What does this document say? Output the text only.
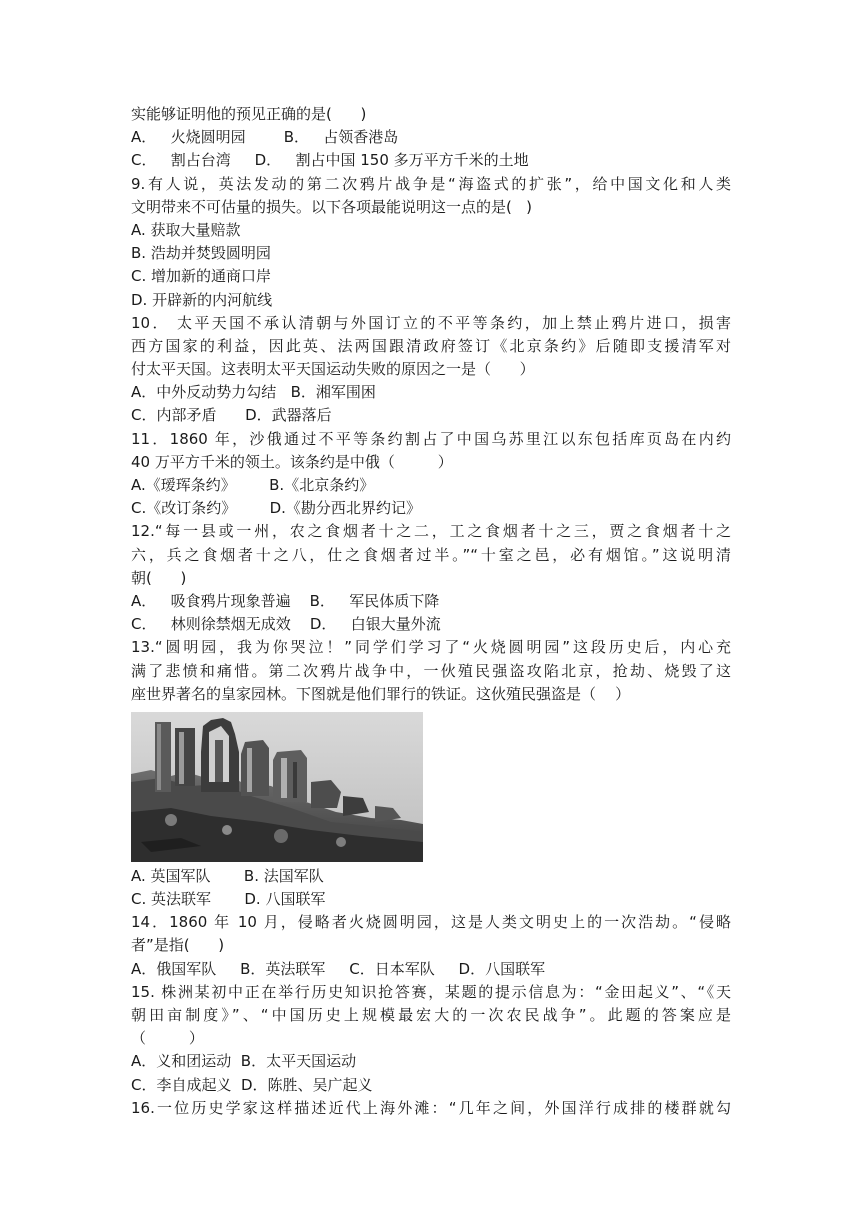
实能够证明他的预见正确的是(      )
A．   火烧圆明园        B．   占领香港岛
C．   割占台湾     D．   割占中国 150 多万平方千米的土地
9.有人说，英法发动的第二次鸦片战争是“海盗式的扩张”，给中国文化和人类
文明带来不可估量的损失。以下各项最能说明这一点的是(   )
A. 获取大量赔款
B. 浩劫并焚毁圆明园
C. 增加新的通商口岸
D. 开辟新的内河航线
10． 太平天国不承认清朝与外国订立的不平等条约，加上禁止鸦片进口，损害
西方国家的利益，因此英、法两国跟清政府签订《北京条约》后随即支援清军对
付太平天国。这表明太平天国运动失败的原因之一是（      ）
A．中外反动势力勾结   B．湘军围困
C．内部矛盾      D．武器落后
11．1860 年，沙俄通过不平等条约割占了中国乌苏里江以东包括库页岛在内约
40 万平方千米的领土。该条约是中俄（         ）
A.《瑷珲条约》       B.《北京条约》
C.《改订条约》       D.《勘分西北界约记》
12.“每一县或一州，农之食烟者十之二，工之食烟者十之三，贾之食烟者十之
六，兵之食烟者十之八，仕之食烟者过半。”“十室之邑，必有烟馆。”这说明清
朝(      )
A．   吸食鸦片现象普遍    B．   军民体质下降
C．   林则徐禁烟无成效    D．   白银大量外流
13.“圆明园，我为你哭泣！”同学们学习了“火烧圆明园”这段历史后，内心充
满了悲愤和痛惜。第二次鸦片战争中，一伙殖民强盗攻陷北京，抢劫、烧毁了这
座世界著名的皇家园林。下图就是他们罪行的铁证。这伙殖民强盗是（    ）
A. 英国军队       B. 法国军队
C. 英法联军       D. 八国联军
14．1860 年 10 月，侵略者火烧圆明园，这是人类文明史上的一次浩劫。“侵略
者”是指(      )
A．俄国军队     B．英法联军     C．日本军队     D．八国联军
15. 株洲某初中正在举行历史知识抢答赛，某题的提示信息为：“金田起义”、“《天
朝田亩制度》”、“中国历史上规模最宏大的一次农民战争”。此题的答案应是
（         ）
A．义和团运动  B．太平天国运动
C．李自成起义  D．陈胜、吴广起义
16.一位历史学家这样描述近代上海外滩：“几年之间，外国洋行成排的楼群就勾
